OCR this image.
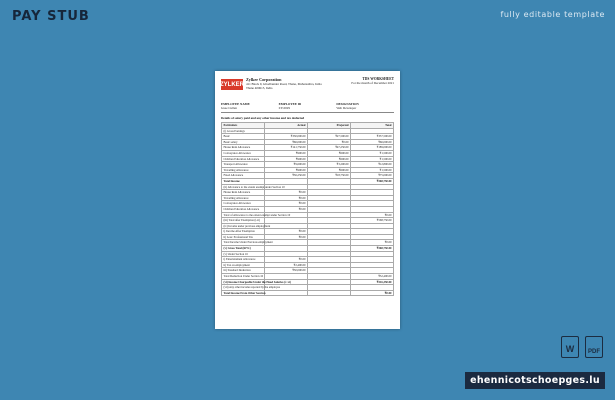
PAY STUB	fully editable template
ZYLKER
Zylker Corporation
411 Block 9, Ghodbunder Road, Thane, Maharashtra, India
Thane 400615, India
TDS WORKSHEET
For the month of December 2021
EMPLOYEE NAME	EMPLOYEE ID	DESIGNATION
Jesse Cullen	ZY-0029	Web Developer
Details of salary paid and any other income and tax deducted
Particulars	Actual	Projected	Total
(i) Gross Earnings			
Basic	₹330,000.00	₹27,500.00	₹357,500.00
Basic salary	₹66,000.00	₹0.00	₹66,000.00
House Rent Allowance	₹141,750.00	₹47,250.00	₹189,000.00
Conveyance Allowance	₹900.00	₹600.00	₹1,500.00
Children Education Allowance	₹900.00	₹600.00	₹1,500.00
Transport Allowance	₹9,600.00	₹3,200.00	₹12,800.00
Travelling Allowance	₹900.00	₹600.00	₹1,500.00
Fixed Allowance	₹56,250.00	₹18,750.00	₹75,000.00
Total Income			₹568,750.00
(ii) Allowance to the extent exempt under Section 10			
House Rent Allowance	₹0.00		
Travelling Allowance	₹0.00		
Conveyance Allowance	₹0.00		
Children Education Allowance	₹0.00		
Total of Allowance to the extent exempt under Section 10			₹0.00
(iii) Total after Exemption (i-ii)			₹568,750.00
(iv) Income under previous employment			
i) Income After Exemption	₹0.00		
ii) Less: Professional Tax	₹0.00		
Total Income Under Previous employment			₹0.00
(v) Gross Total (iii+iv)			₹568,750.00
(v) Under Section 16			
i) Entertainment Allowance	₹0.00		
ii) Tax on employment	₹2,400.00		
iii) Standard Deduction	₹50,000.00		
Total Deduction Under Section 16			₹52,400.00
(vi) Income Chargeable Under the Head Salaries (v-vi)			₹516,350.00
(vii) Any other income reported by the employee			
Total Income From Other Sources			₹0.00
W PDF
ehennicotschoepges.lu
